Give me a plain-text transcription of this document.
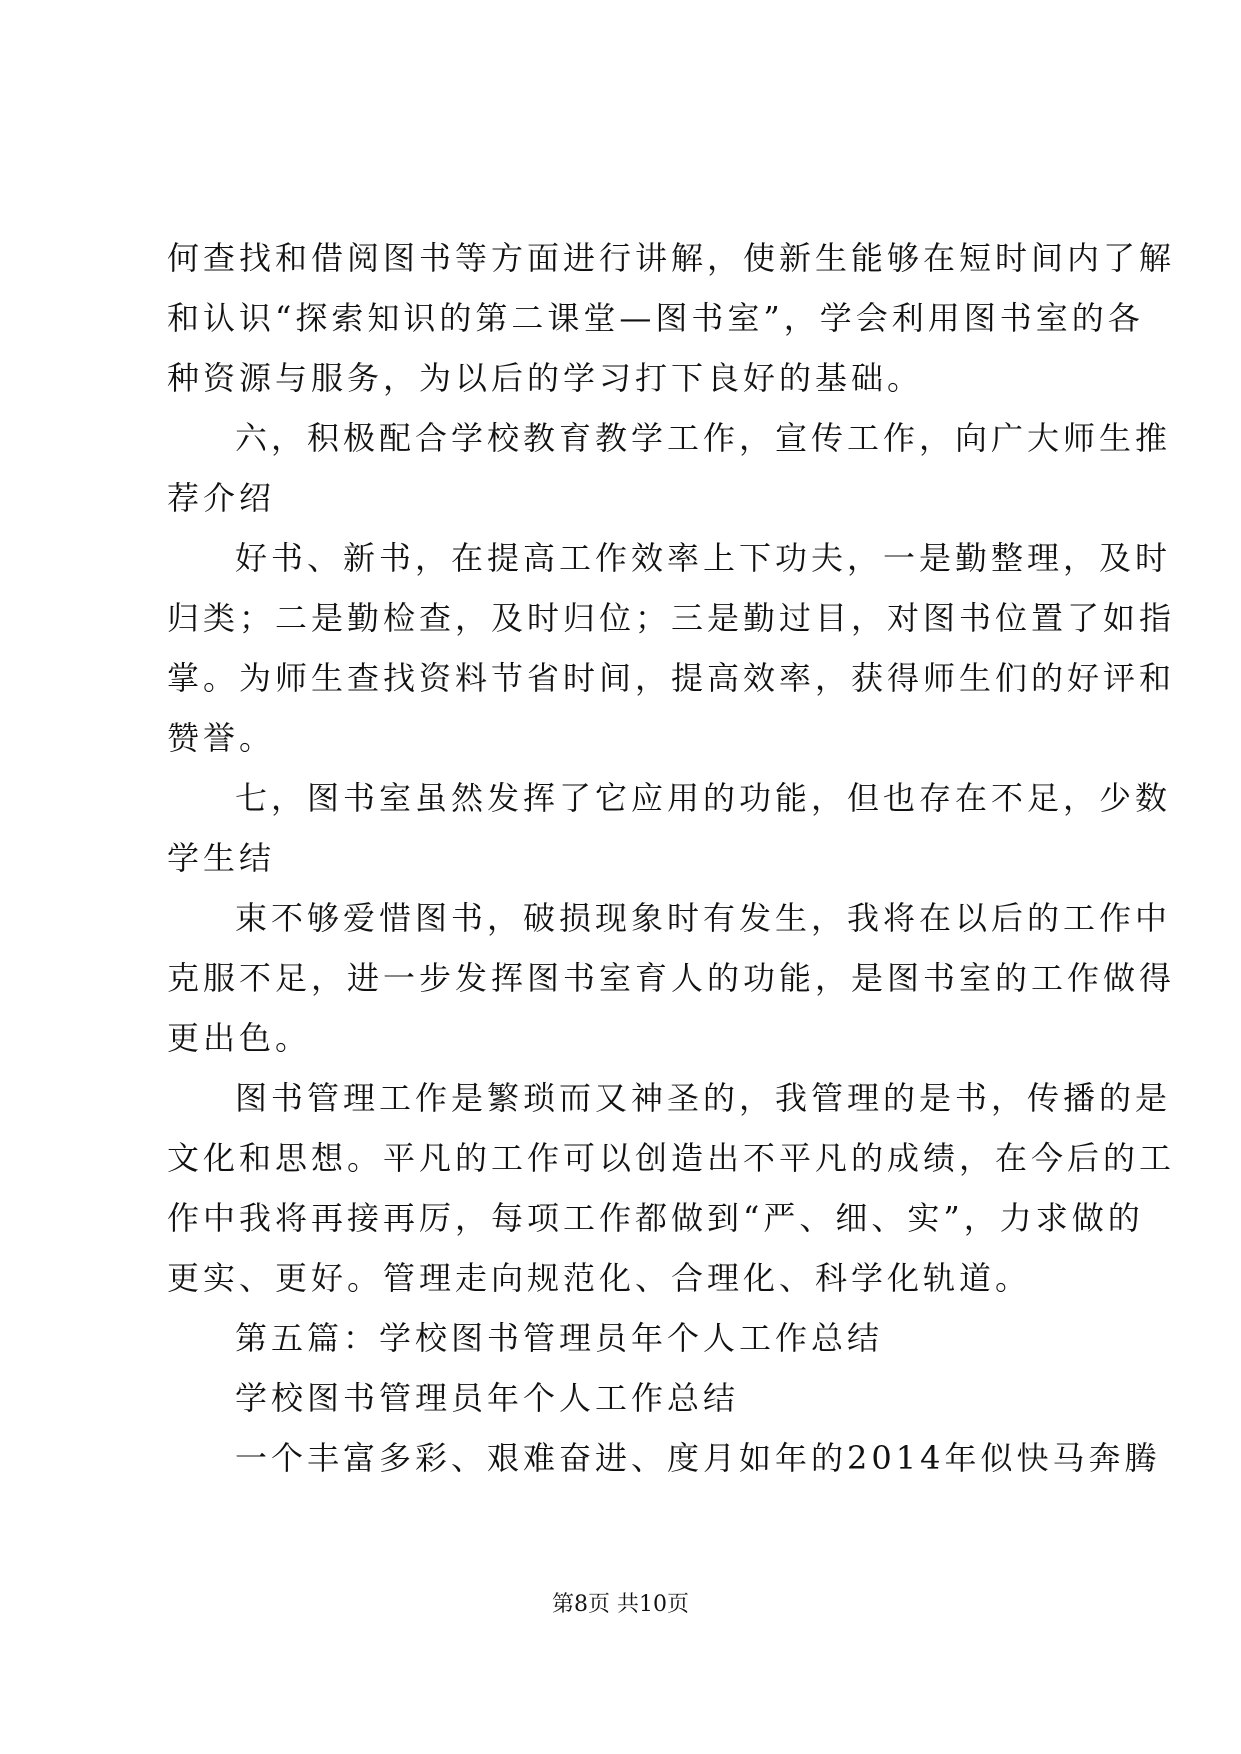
何查找和借阅图书等方面进行讲解，使新生能够在短时间内了解
和认识“探索知识的第二课堂—图书室”，学会利用图书室的各
种资源与服务，为以后的学习打下良好的基础。
六，积极配合学校教育教学工作，宣传工作，向广大师生推
荐介绍
好书、新书，在提高工作效率上下功夫，一是勤整理，及时
归类；二是勤检查，及时归位；三是勤过目，对图书位置了如指
掌。为师生查找资料节省时间，提高效率，获得师生们的好评和
赞誉。
七，图书室虽然发挥了它应用的功能，但也存在不足，少数
学生结
束不够爱惜图书，破损现象时有发生，我将在以后的工作中
克服不足，进一步发挥图书室育人的功能，是图书室的工作做得
更出色。
图书管理工作是繁琐而又神圣的，我管理的是书，传播的是
文化和思想。平凡的工作可以创造出不平凡的成绩，在今后的工
作中我将再接再厉，每项工作都做到“严、细、实”，力求做的
更实、更好。管理走向规范化、合理化、科学化轨道。
第五篇：学校图书管理员年个人工作总结
学校图书管理员年个人工作总结
一个丰富多彩、艰难奋进、度月如年的2014年似快马奔腾
第8页 共10页
